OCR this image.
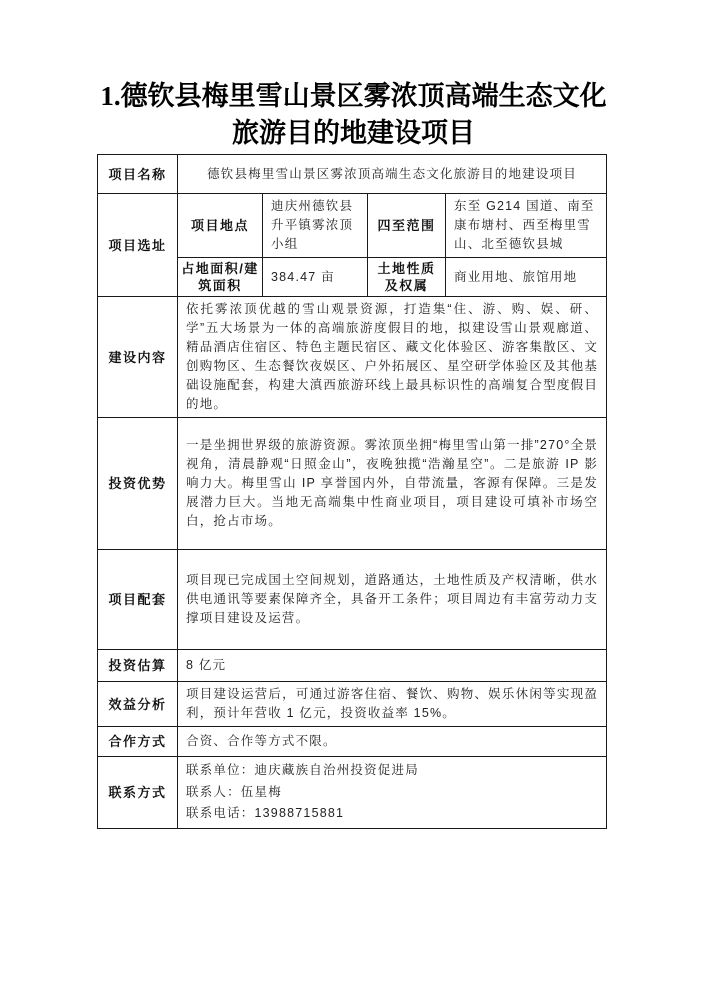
1.德钦县梅里雪山景区雾浓顶高端生态文化
旅游目的地建设项目
项目名称	德钦县梅里雪山景区雾浓顶高端生态文化旅游目的地建设项目			
项目选址	项目地点	迪庆州德钦县升平镇雾浓顶小组	四至范围	东至 G214 国道、南至康布塘村、西至梅里雪山、北至德钦县城
	占地面积/建筑面积	384.47 亩	土地性质及权属	商业用地、旅馆用地
建设内容	依托雾浓顶优越的雪山观景资源，打造集“住、游、购、娱、研、学”五大场景为一体的高端旅游度假目的地，拟建设雪山景观廊道、精品酒店住宿区、特色主题民宿区、藏文化体验区、游客集散区、文创购物区、生态餐饮夜娱区、户外拓展区、星空研学体验区及其他基础设施配套，构建大滇西旅游环线上最具标识性的高端复合型度假目的地。			
投资优势	一是坐拥世界级的旅游资源。雾浓顶坐拥“梅里雪山第一排”270°全景视角，清晨静观“日照金山”，夜晚独揽“浩瀚星空”。二是旅游 IP 影响力大。梅里雪山 IP 享誉国内外，自带流量，客源有保障。三是发展潜力巨大。当地无高端集中性商业项目，项目建设可填补市场空白，抢占市场。			
项目配套	项目现已完成国土空间规划，道路通达，土地性质及产权清晰，供水供电通讯等要素保障齐全，具备开工条件；项目周边有丰富劳动力支撑项目建设及运营。			
投资估算	8 亿元			
效益分析	项目建设运营后，可通过游客住宿、餐饮、购物、娱乐休闲等实现盈利，预计年营收 1 亿元，投资收益率 15%。			
合作方式	合资、合作等方式不限。			
联系方式	联系单位：迪庆藏族自治州投资促进局
联系人：伍星梅
联系电话：13988715881			
